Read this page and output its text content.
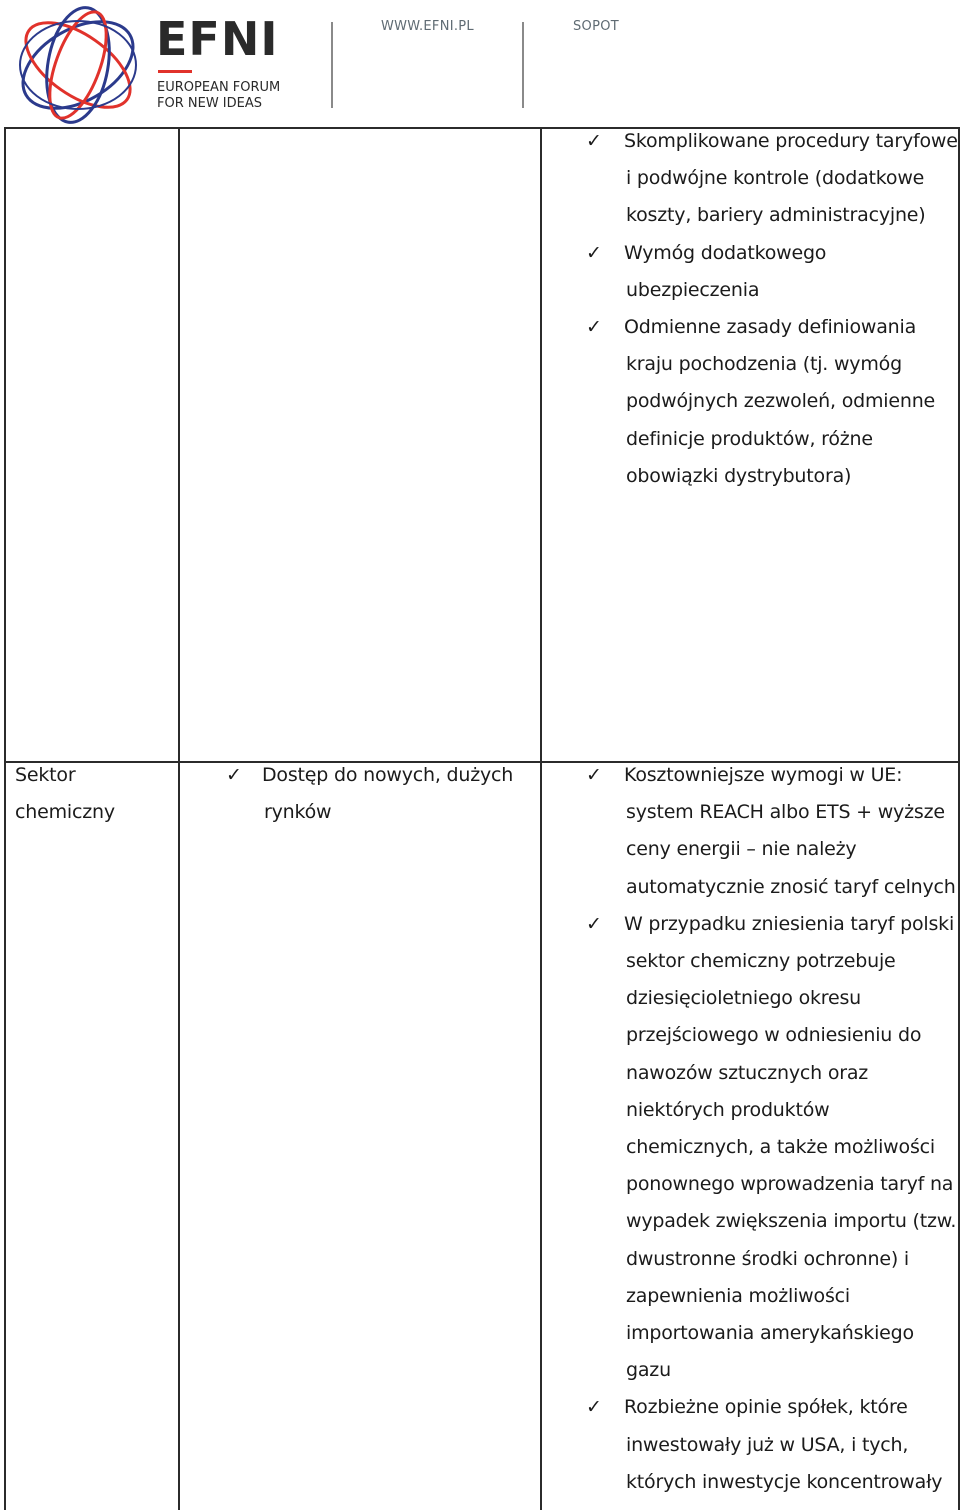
EFNI
EUROPEAN FORUM
FOR NEW IDEAS
WWW.EFNI.PL	SOPOT
✓ Skomplikowane procedury taryfowe
i podwójne kontrole (dodatkowe
koszty, bariery administracyjne)
✓ Wymóg dodatkowego
ubezpieczenia
✓ Odmienne zasady definiowania
kraju pochodzenia (tj. wymóg
podwójnych zezwoleń, odmienne
definicje produktów, różne
obowiązki dystrybutora)
Sektor
chemiczny
✓ Dostęp do nowych, dużych
rynków
✓ Kosztowniejsze wymogi w UE:
system REACH albo ETS + wyższe
ceny energii – nie należy
automatycznie znosić taryf celnych
✓ W przypadku zniesienia taryf polski
sektor chemiczny potrzebuje
dziesięcioletniego okresu
przejściowego w odniesieniu do
nawozów sztucznych oraz
niektórych produktów
chemicznych, a także możliwości
ponownego wprowadzenia taryf na
wypadek zwiększenia importu (tzw.
dwustronne środki ochronne) i
zapewnienia możliwości
importowania amerykańskiego
gazu
✓ Rozbieżne opinie spółek, które
inwestowały już w USA, i tych,
których inwestycje koncentrowały
